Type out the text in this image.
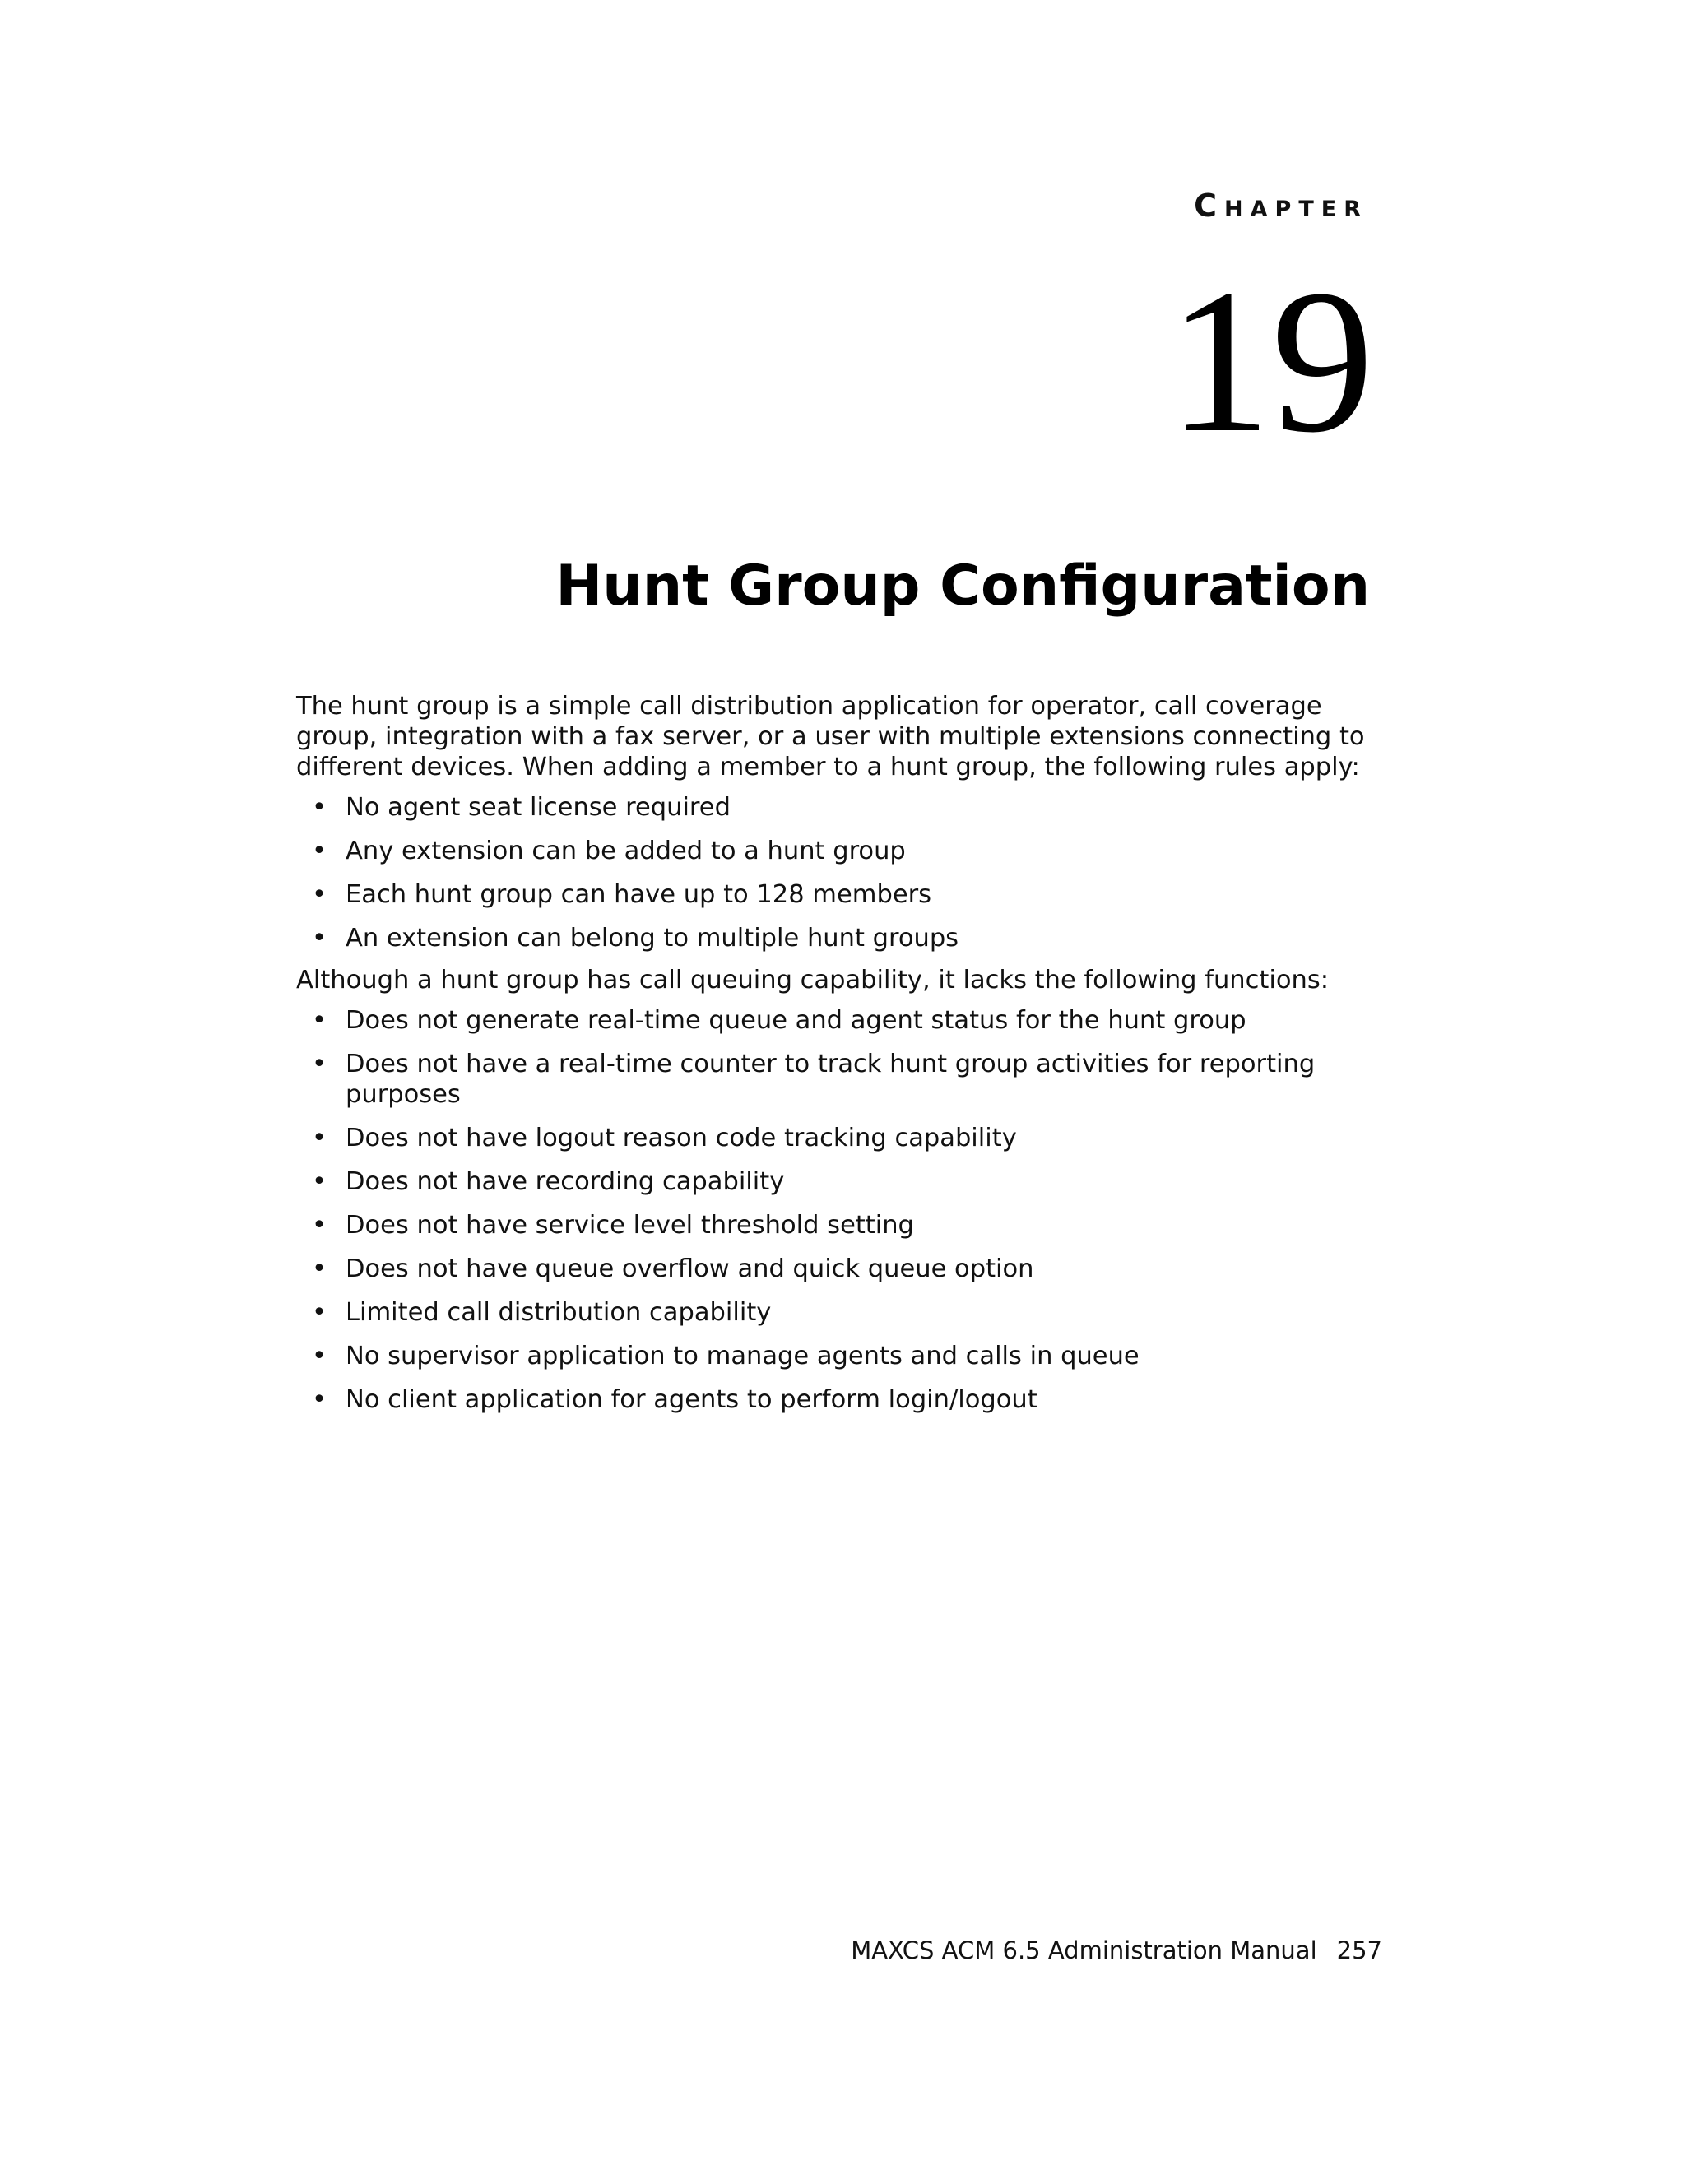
Chapter
19
Hunt Group Configuration

The hunt group is a simple call distribution application for operator, call coverage group, integration with a fax server, or a user with multiple extensions connecting to different devices. When adding a member to a hunt group, the following rules apply:

• No agent seat license required
• Any extension can be added to a hunt group
• Each hunt group can have up to 128 members
• An extension can belong to multiple hunt groups

Although a hunt group has call queuing capability, it lacks the following functions:

• Does not generate real-time queue and agent status for the hunt group
• Does not have a real-time counter to track hunt group activities for reporting purposes
• Does not have logout reason code tracking capability
• Does not have recording capability
• Does not have service level threshold setting
• Does not have queue overflow and quick queue option
• Limited call distribution capability
• No supervisor application to manage agents and calls in queue
• No client application for agents to perform login/logout
MAXCS ACM 6.5 Administration Manual 257
